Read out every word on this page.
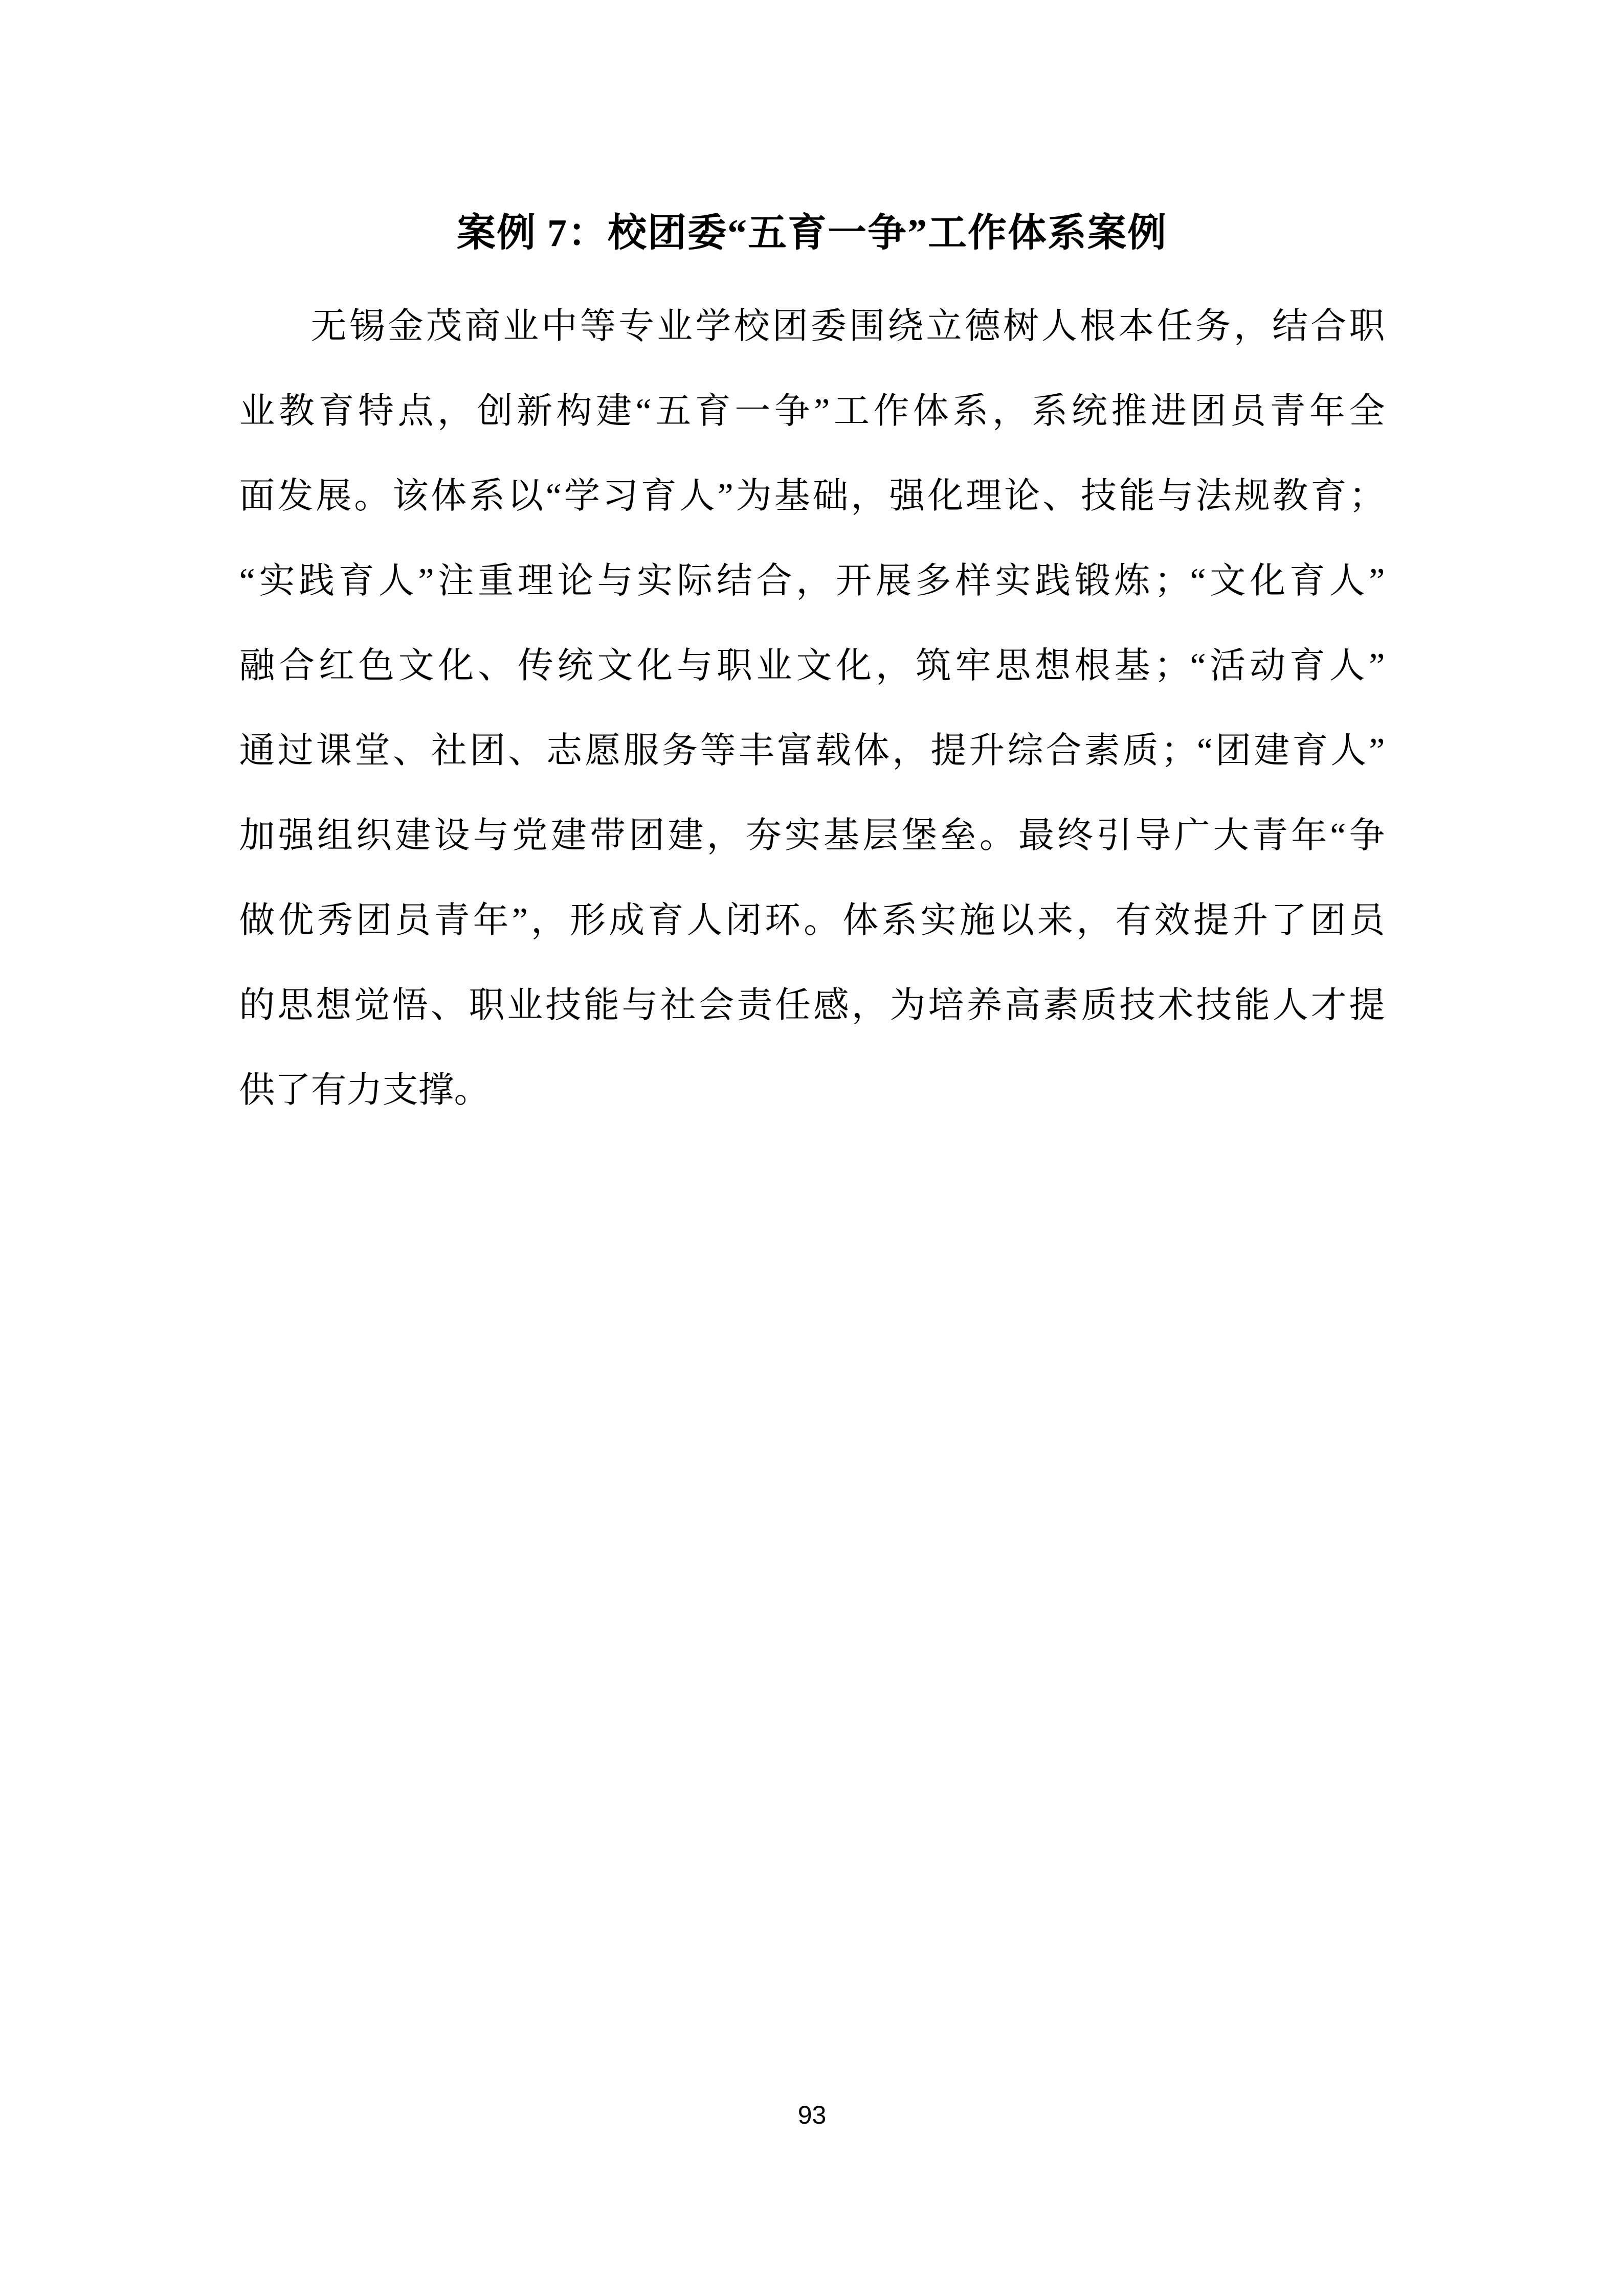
案例 7：校团委“五育一争”工作体系案例
无锡金茂商业中等专业学校团委围绕立德树人根本任务，结合职
业教育特点，创新构建“五育一争”工作体系，系统推进团员青年全
面发展。该体系以“学习育人”为基础，强化理论、技能与法规教育；
“实践育人”注重理论与实际结合，开展多样实践锻炼；“文化育人”
融合红色文化、传统文化与职业文化，筑牢思想根基；“活动育人”
通过课堂、社团、志愿服务等丰富载体，提升综合素质；“团建育人”
加强组织建设与党建带团建，夯实基层堡垒。最终引导广大青年“争
做优秀团员青年”，形成育人闭环。体系实施以来，有效提升了团员
的思想觉悟、职业技能与社会责任感，为培养高素质技术技能人才提
供了有力支撑。
93
